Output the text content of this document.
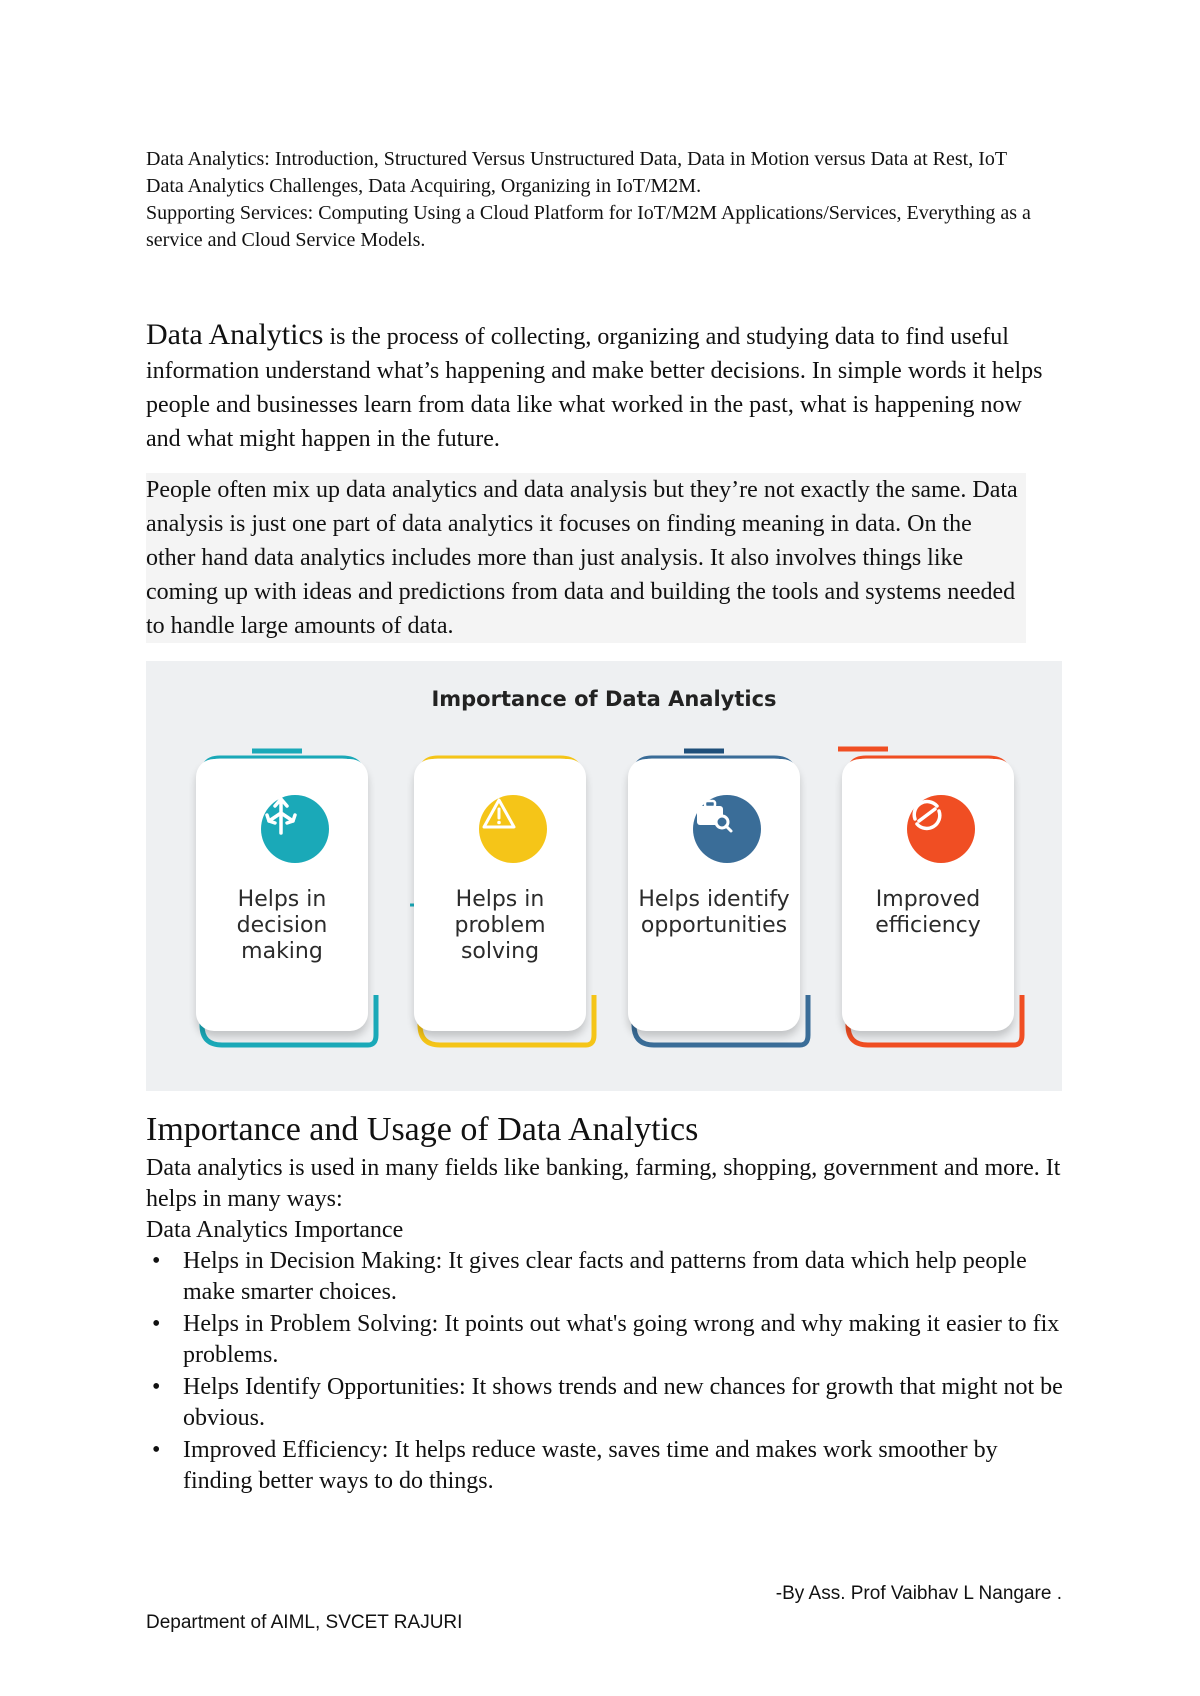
Data Analytics: Introduction, Structured Versus Unstructured Data, Data in Motion versus Data at Rest, IoT Data Analytics Challenges, Data Acquiring, Organizing in IoT/M2M.

Supporting Services: Computing Using a Cloud Platform for IoT/M2M Applications/Services, Everything as a service and Cloud Service Models.

Data Analytics is the process of collecting, organizing and studying data to find useful information understand what’s happening and make better decisions. In simple words it helps people and businesses learn from data like what worked in the past, what is happening now and what might happen in the future.

People often mix up data analytics and data analysis but they’re not exactly the same. Data analysis is just one part of data analytics it focuses on finding meaning in data. On the other hand data analytics includes more than just analysis. It also involves things like coming up with ideas and predictions from data and building the tools and systems needed to handle large amounts of data.

Importance of Data Analytics
Helps in decision making
Helps in problem solving
Helps identify opportunities
Improved efficiency
Importance and Usage of Data Analytics

Data analytics is used in many fields like banking, farming, shopping, government and more. It helps in many ways:

Data Analytics Importance

• Helps in Decision Making: It gives clear facts and patterns from data which help people make smarter choices.
• Helps in Problem Solving: It points out what's going wrong and why making it easier to fix problems.
• Helps Identify Opportunities: It shows trends and new chances for growth that might not be obvious.
• Improved Efficiency: It helps reduce waste, saves time and makes work smoother by finding better ways to do things.
-By Ass. Prof Vaibhav L Nangare .
Department of AIML, SVCET RAJURI
